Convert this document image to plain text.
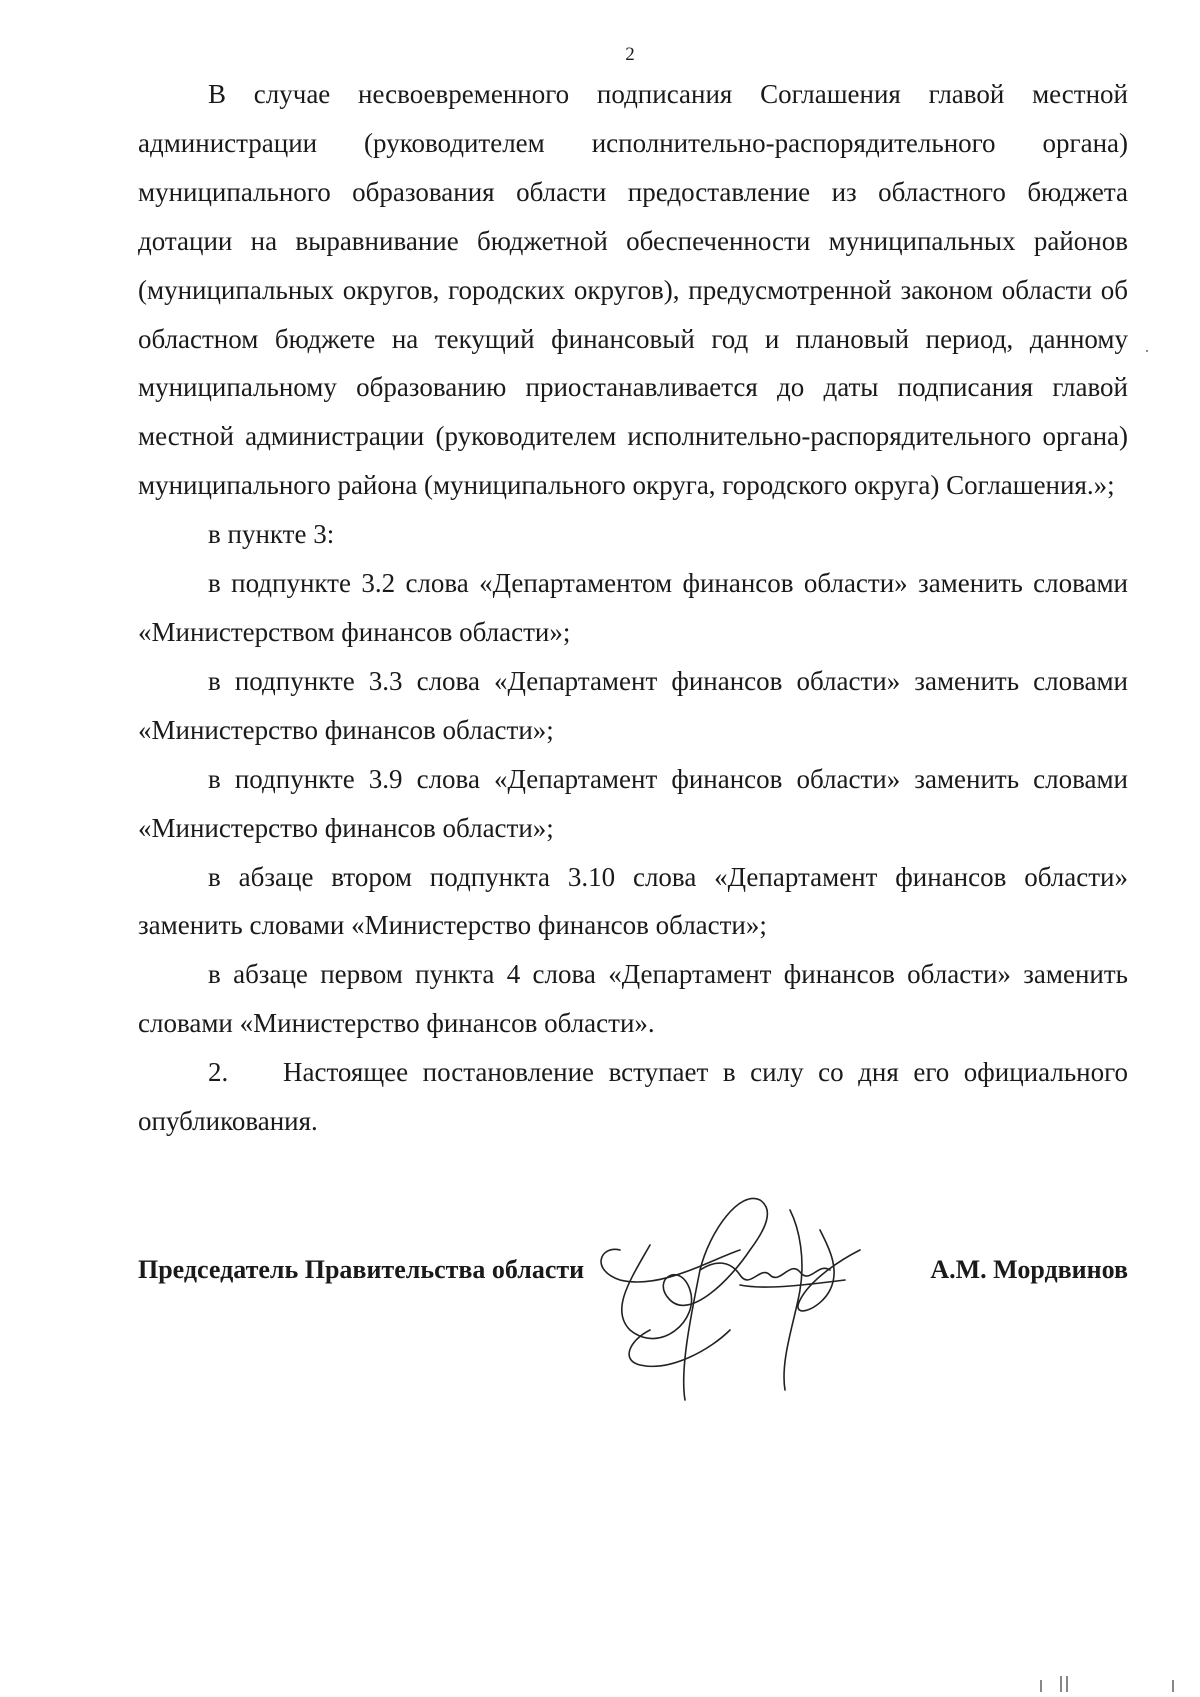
2

В случае несвоевременного подписания Соглашения главой местной администрации (руководителем исполнительно-распорядительного органа) муниципального образования области предоставление из областного бюджета дотации на выравнивание бюджетной обеспеченности муниципальных районов (муниципальных округов, городских округов), предусмотренной законом области об областном бюджете на текущий финансовый год и плановый период, данному муниципальному образованию приостанавливается до даты подписания главой местной администрации (руководителем исполнительно-распорядительного органа) муниципального района (муниципального округа, городского округа) Соглашения.»;

в пункте 3:

в подпункте 3.2 слова «Департаментом финансов области» заменить словами «Министерством финансов области»;

в подпункте 3.3 слова «Департамент финансов области» заменить словами «Министерство финансов области»;

в подпункте 3.9 слова «Департамент финансов области» заменить словами «Министерство финансов области»;

в абзаце втором подпункта 3.10 слова «Департамент финансов области» заменить словами «Министерство финансов области»;

в абзаце первом пункта 4 слова «Департамент финансов области» заменить словами «Министерство финансов области».

2. Настоящее постановление вступает в силу со дня его официального опубликования.

Председатель Правительства области	А.М. Мордвинов
